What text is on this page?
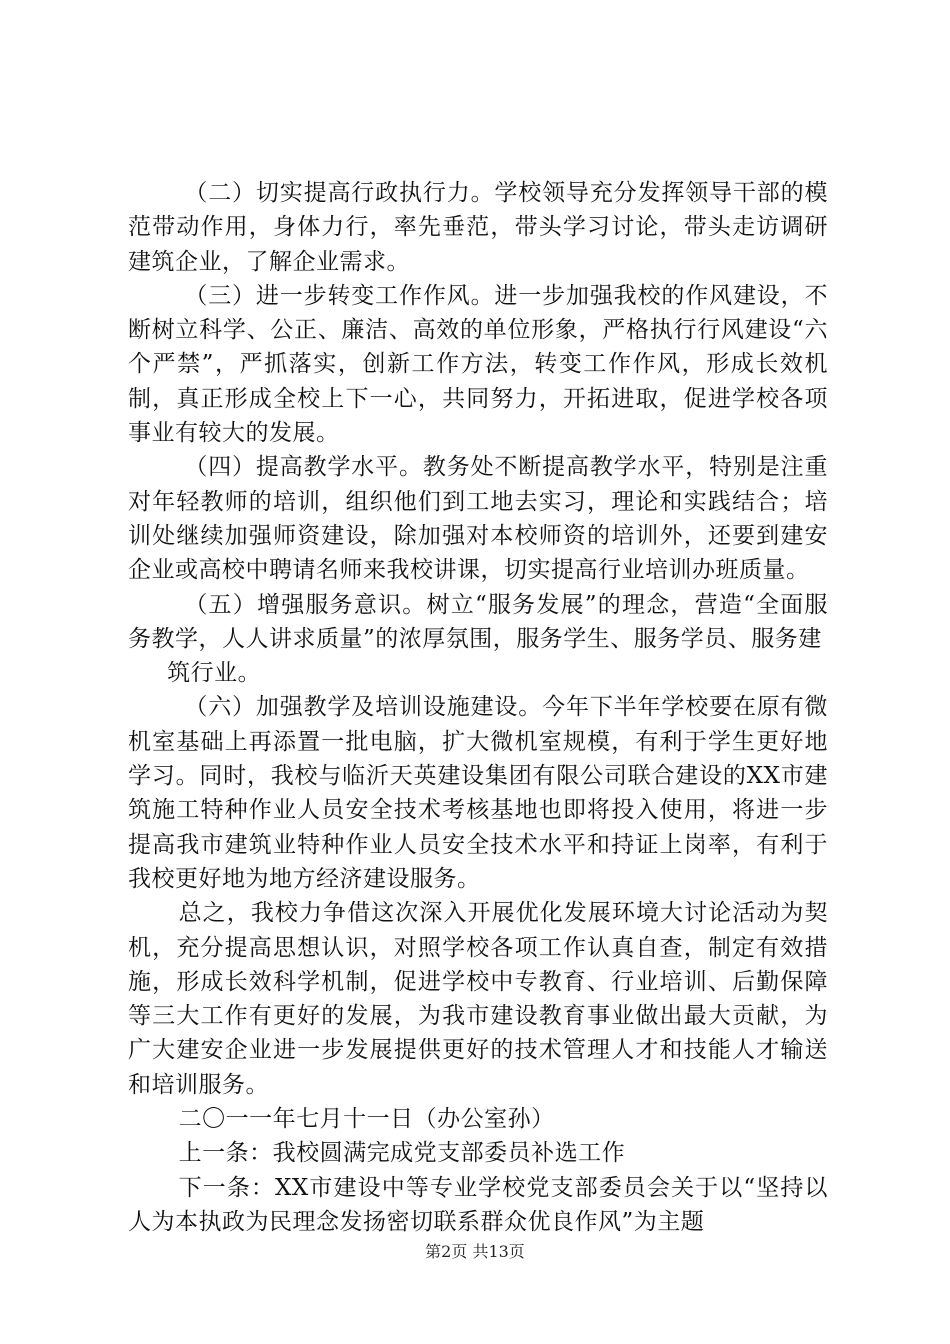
（二）切实提高行政执行力。学校领导充分发挥领导干部的模范带动作用，身体力行，率先垂范，带头学习讨论，带头走访调研建筑企业，了解企业需求。

（三）进一步转变工作作风。进一步加强我校的作风建设，不断树立科学、公正、廉洁、高效的单位形象，严格执行行风建设“六个严禁”，严抓落实，创新工作方法，转变工作作风，形成长效机制，真正形成全校上下一心，共同努力，开拓进取，促进学校各项事业有较大的发展。

（四）提高教学水平。教务处不断提高教学水平，特别是注重对年轻教师的培训，组织他们到工地去实习，理论和实践结合；培训处继续加强师资建设，除加强对本校师资的培训外，还要到建安企业或高校中聘请名师来我校讲课，切实提高行业培训办班质量。

（五）增强服务意识。树立“服务发展”的理念，营造“全面服务教学，人人讲求质量”的浓厚氛围，服务学生、服务学员、服务建

筑行业。

（六）加强教学及培训设施建设。今年下半年学校要在原有微机室基础上再添置一批电脑，扩大微机室规模，有利于学生更好地学习。同时，我校与临沂天英建设集团有限公司联合建设的XX市建筑施工特种作业人员安全技术考核基地也即将投入使用，将进一步提高我市建筑业特种作业人员安全技术水平和持证上岗率，有利于我校更好地为地方经济建设服务。

总之，我校力争借这次深入开展优化发展环境大讨论活动为契机，充分提高思想认识，对照学校各项工作认真自查，制定有效措施，形成长效科学机制，促进学校中专教育、行业培训、后勤保障等三大工作有更好的发展，为我市建设教育事业做出最大贡献，为广大建安企业进一步发展提供更好的技术管理人才和技能人才输送和培训服务。

二〇一一年七月十一日（办公室孙）

上一条：我校圆满完成党支部委员补选工作

下一条：XX市建设中等专业学校党支部委员会关于以“坚持以人为本执政为民理念发扬密切联系群众优良作风”为主题

第2页 共13页
